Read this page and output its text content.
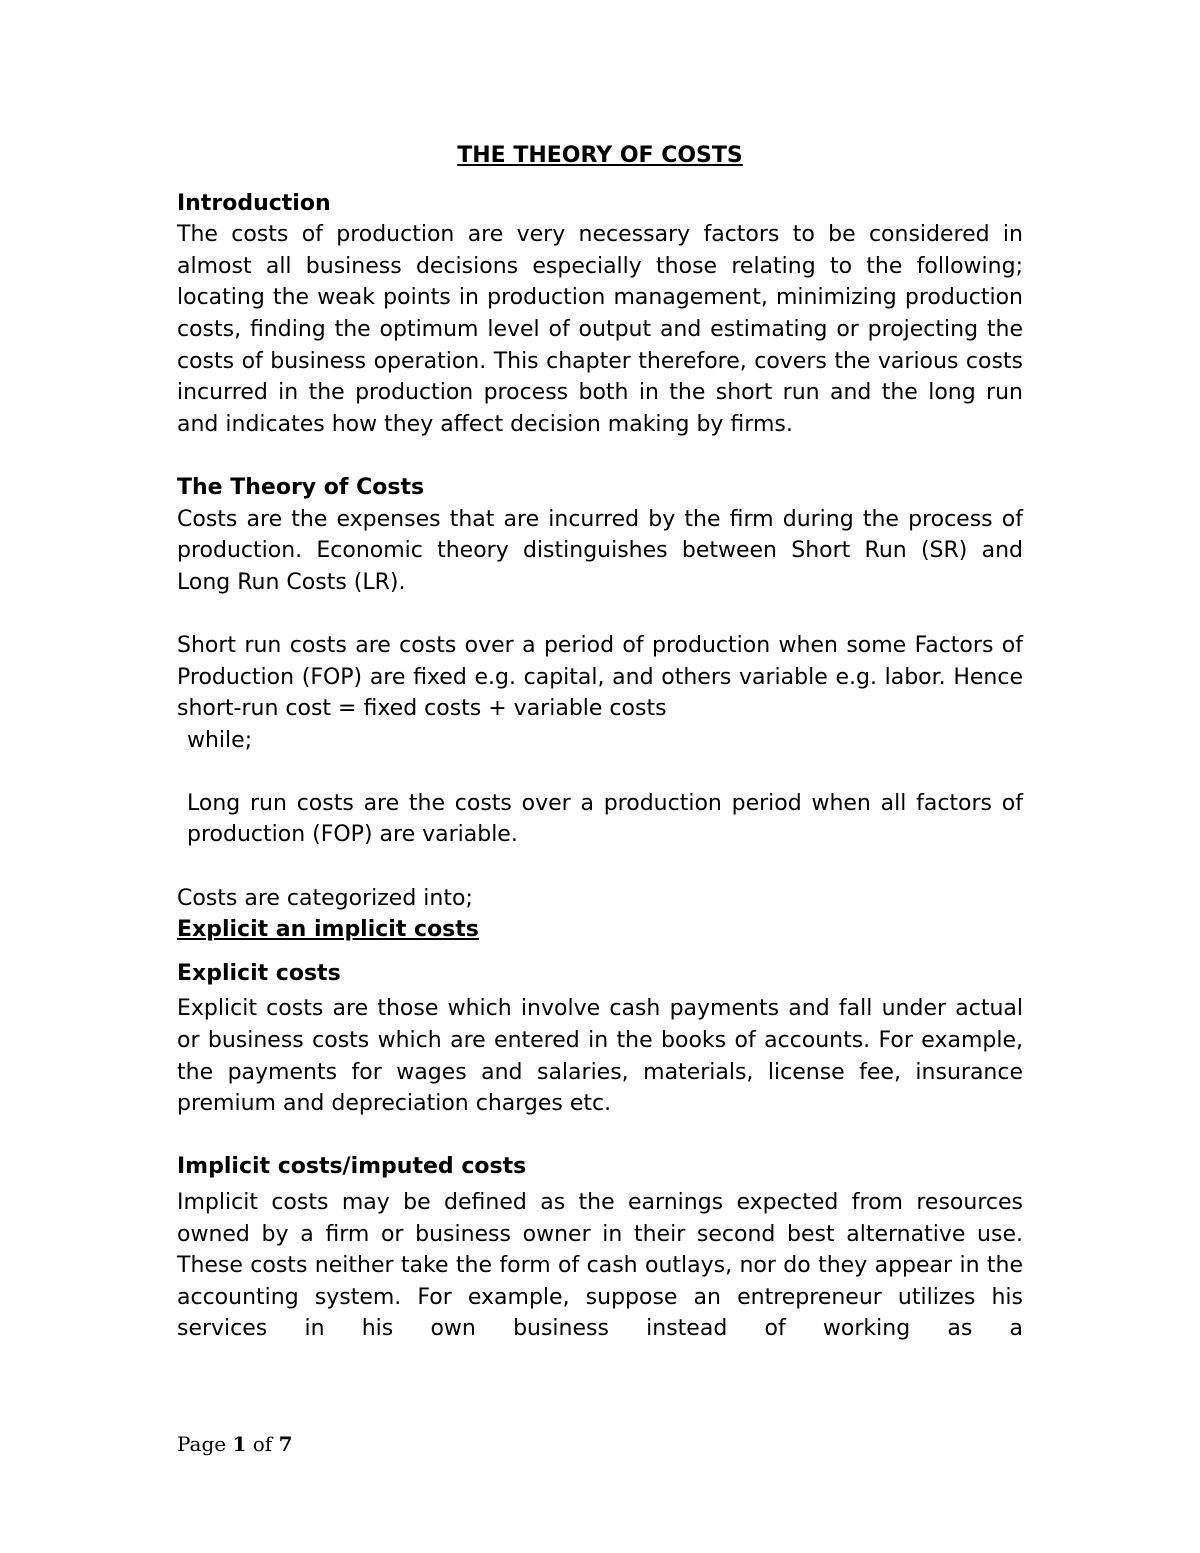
THE THEORY OF COSTS

Introduction

The costs of production are very necessary factors to be considered in almost all business decisions especially those relating to the following; locating the weak points in production management, minimizing production costs, finding the optimum level of output and estimating or projecting the costs of business operation. This chapter therefore, covers the various costs incurred in the production process both in the short run and the long run and indicates how they affect decision making by firms.

The Theory of Costs

Costs are the expenses that are incurred by the firm during the process of production. Economic theory distinguishes between Short Run (SR) and Long Run Costs (LR).

Short run costs are costs over a period of production when some Factors of Production (FOP) are fixed e.g. capital, and others variable e.g. labor. Hence short-run cost = fixed costs + variable costs

while;

Long run costs are the costs over a production period when all factors of production (FOP) are variable.

Costs are categorized into;

Explicit an implicit costs

Explicit costs

Explicit costs are those which involve cash payments and fall under actual or business costs which are entered in the books of accounts. For example, the payments for wages and salaries, materials, license fee, insurance premium and depreciation charges etc.

Implicit costs/imputed costs

Implicit costs may be defined as the earnings expected from resources owned by a firm or business owner in their second best alternative use. These costs neither take the form of cash outlays, nor do they appear in the accounting system. For example, suppose an entrepreneur utilizes his services in his own business instead of working as a

Page 1 of 7
